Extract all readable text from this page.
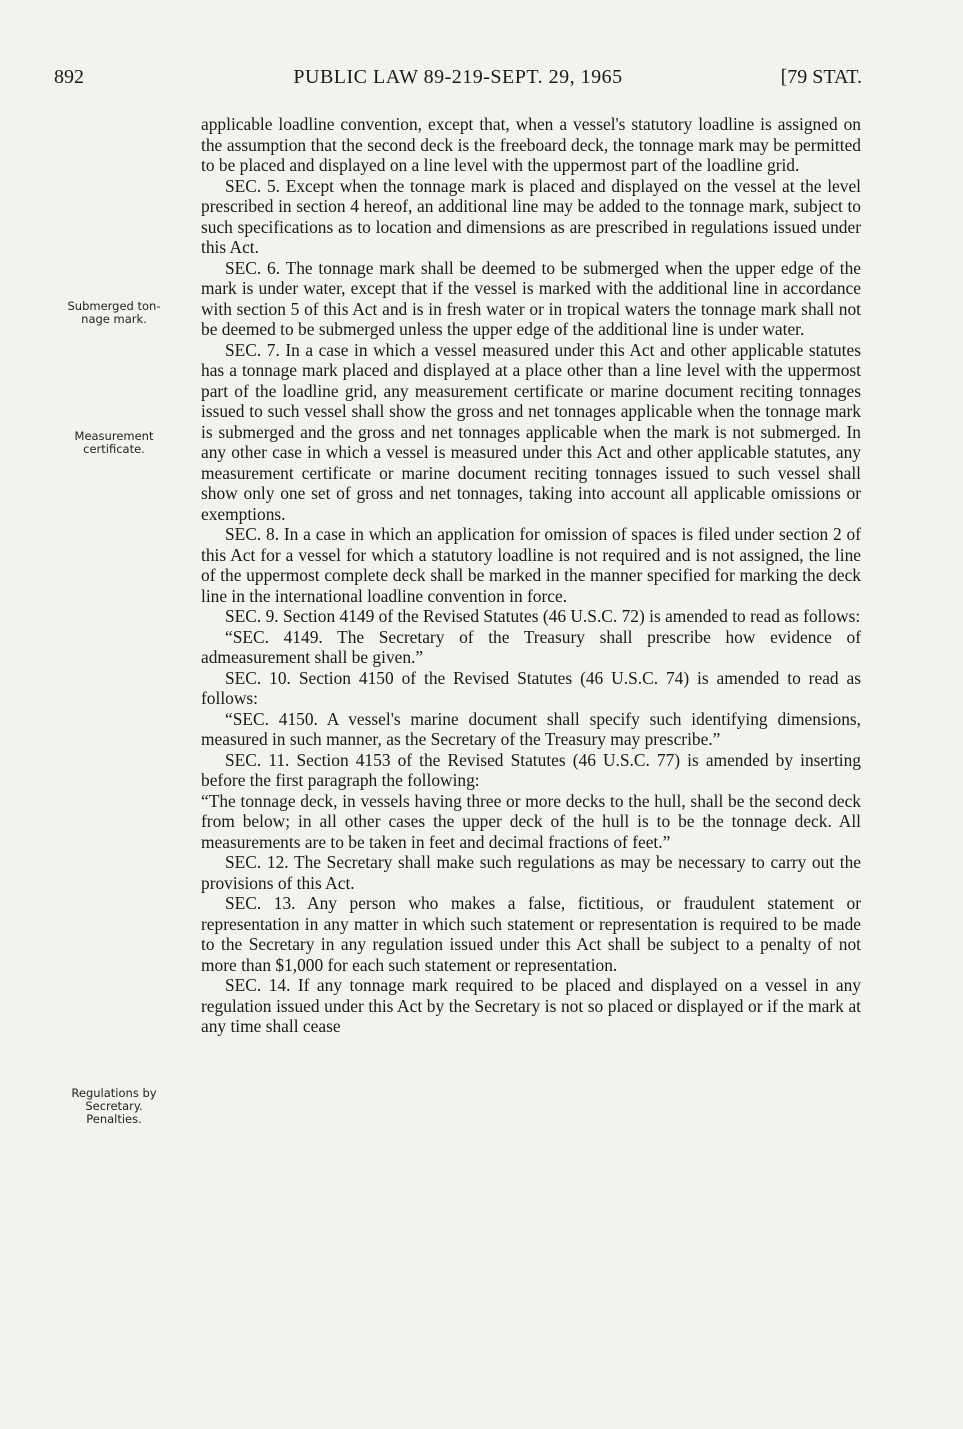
892	PUBLIC LAW 89-219-SEPT. 29, 1965	[79 STAT.
Submerged ton-
nage mark.
Measurement
certificate.
Regulations by
Secretary.
Penalties.

applicable loadline convention, except that, when a vessel's statutory loadline is assigned on the assumption that the second deck is the freeboard deck, the tonnage mark may be permitted to be placed and displayed on a line level with the uppermost part of the loadline grid.

SEC. 5. Except when the tonnage mark is placed and displayed on the vessel at the level prescribed in section 4 hereof, an additional line may be added to the tonnage mark, subject to such specifications as to location and dimensions as are prescribed in regulations issued under this Act.

SEC. 6. The tonnage mark shall be deemed to be submerged when the upper edge of the mark is under water, except that if the vessel is marked with the additional line in accordance with section 5 of this Act and is in fresh water or in tropical waters the tonnage mark shall not be deemed to be submerged unless the upper edge of the additional line is under water.

SEC. 7. In a case in which a vessel measured under this Act and other applicable statutes has a tonnage mark placed and displayed at a place other than a line level with the uppermost part of the loadline grid, any measurement certificate or marine document reciting tonnages issued to such vessel shall show the gross and net tonnages applicable when the tonnage mark is submerged and the gross and net tonnages applicable when the mark is not submerged. In any other case in which a vessel is measured under this Act and other applicable statutes, any measurement certificate or marine document reciting tonnages issued to such vessel shall show only one set of gross and net tonnages, taking into account all applicable omissions or exemptions.

SEC. 8. In a case in which an application for omission of spaces is filed under section 2 of this Act for a vessel for which a statutory loadline is not required and is not assigned, the line of the uppermost complete deck shall be marked in the manner specified for marking the deck line in the international loadline convention in force.

SEC. 9. Section 4149 of the Revised Statutes (46 U.S.C. 72) is amended to read as follows:

“SEC. 4149. The Secretary of the Treasury shall prescribe how evidence of admeasurement shall be given.”

SEC. 10. Section 4150 of the Revised Statutes (46 U.S.C. 74) is amended to read as follows:

“SEC. 4150. A vessel's marine document shall specify such identifying dimensions, measured in such manner, as the Secretary of the Treasury may prescribe.”

SEC. 11. Section 4153 of the Revised Statutes (46 U.S.C. 77) is amended by inserting before the first paragraph the following:

“The tonnage deck, in vessels having three or more decks to the hull, shall be the second deck from below; in all other cases the upper deck of the hull is to be the tonnage deck. All measurements are to be taken in feet and decimal fractions of feet.”

SEC. 12. The Secretary shall make such regulations as may be necessary to carry out the provisions of this Act.

SEC. 13. Any person who makes a false, fictitious, or fraudulent statement or representation in any matter in which such statement or representation is required to be made to the Secretary in any regulation issued under this Act shall be subject to a penalty of not more than $1,000 for each such statement or representation.

SEC. 14. If any tonnage mark required to be placed and displayed on a vessel in any regulation issued under this Act by the Secretary is not so placed or displayed or if the mark at any time shall cease
